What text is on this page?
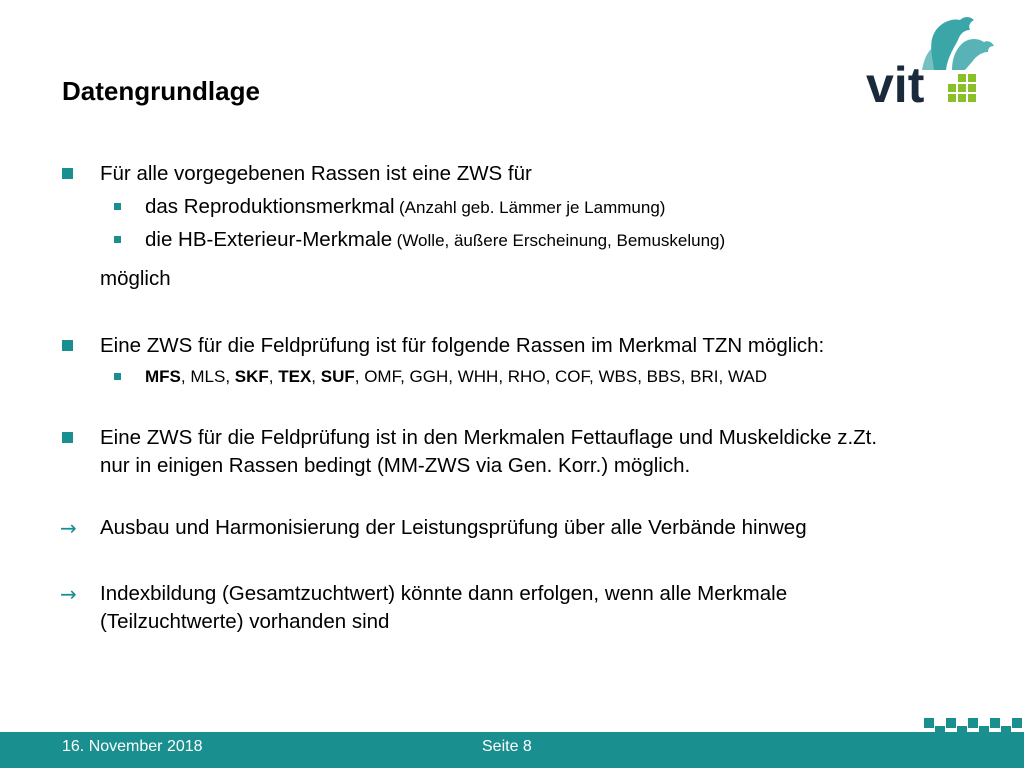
Datengrundlage	vit
Für alle vorgegebenen Rassen ist eine ZWS für
das Reproduktionsmerkmal (Anzahl geb. Lämmer je Lammung)
die HB-Exterieur-Merkmale (Wolle, äußere Erscheinung, Bemuskelung)
möglich
Eine ZWS für die Feldprüfung ist für folgende Rassen im Merkmal TZN möglich:
MFS, MLS, SKF, TEX, SUF, OMF, GGH, WHH, RHO, COF, WBS, BBS, BRI, WAD
Eine ZWS für die Feldprüfung ist in den Merkmalen Fettauflage und Muskeldicke z.Zt.
nur in einigen Rassen bedingt (MM-ZWS via Gen. Korr.) möglich.
→ Ausbau und Harmonisierung der Leistungsprüfung über alle Verbände hinweg
→ Indexbildung (Gesamtzuchtwert) könnte dann erfolgen, wenn alle Merkmale
(Teilzuchtwerte) vorhanden sind
16. November 2018	Seite 8
